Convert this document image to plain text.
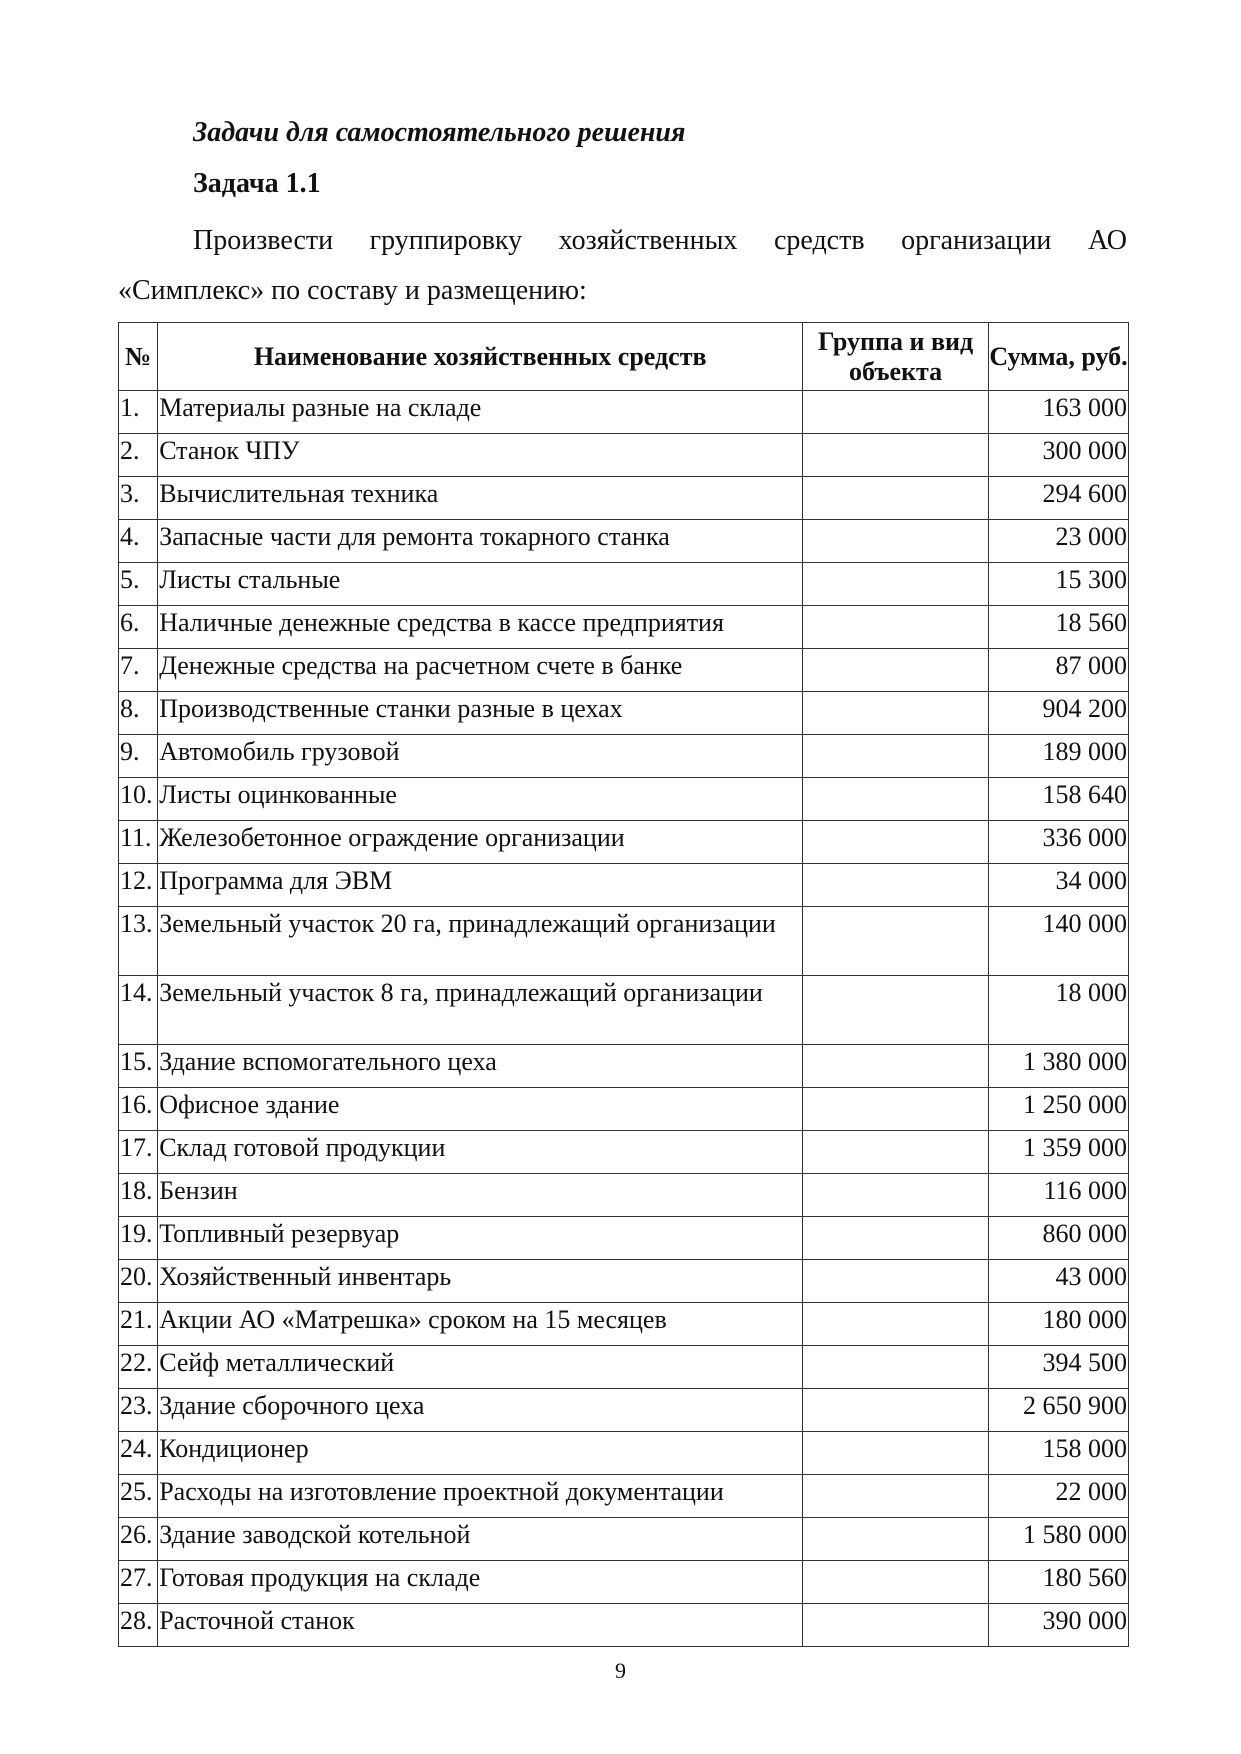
Задачи для самостоятельного решения
Задача 1.1

Произвести группировку хозяйственных средств организации АО «Симплекс» по составу и размещению:

№	Наименование хозяйственных средств	Группа и вид объекта	Сумма, руб.
1.	Материалы разные на складе		163 000
2.	Станок ЧПУ		300 000
3.	Вычислительная техника		294 600
4.	Запасные части для ремонта токарного станка		23 000
5.	Листы стальные		15 300
6.	Наличные денежные средства в кассе предприятия		18 560
7.	Денежные средства на расчетном счете в банке		87 000
8.	Производственные станки разные в цехах		904 200
9.	Автомобиль грузовой		189 000
10.	Листы оцинкованные		158 640
11.	Железобетонное ограждение организации		336 000
12.	Программа для ЭВМ		34 000
13.	Земельный участок 20 га, принадлежащий организации		140 000
14.	Земельный участок 8 га, принадлежащий организации		18 000
15.	Здание вспомогательного цеха		1 380 000
16.	Офисное здание		1 250 000
17.	Склад готовой продукции		1 359 000
18.	Бензин		116 000
19.	Топливный резервуар		860 000
20.	Хозяйственный инвентарь		43 000
21.	Акции АО «Матрешка» сроком на 15 месяцев		180 000
22.	Сейф металлический		394 500
23.	Здание сборочного цеха		2 650 900
24.	Кондиционер		158 000
25.	Расходы на изготовление проектной документации		22 000
26.	Здание заводской котельной		1 580 000
27.	Готовая продукция на складе		180 560
28.	Расточной станок		390 000
9
